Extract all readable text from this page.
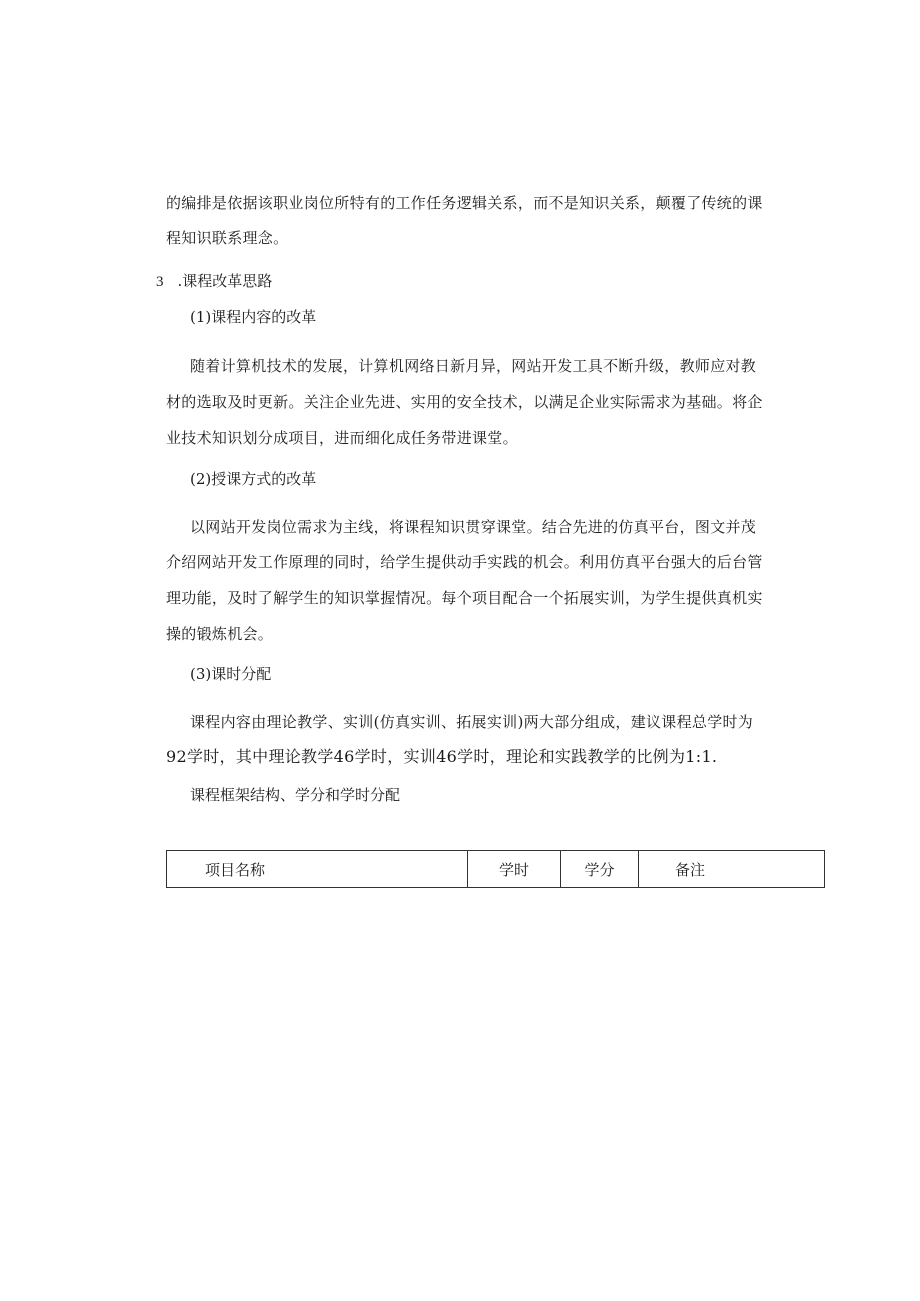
的编排是依据该职业岗位所特有的工作任务逻辑关系，而不是知识关系，颠覆了传统的课
程知识联系理念。
3 .课程改革思路
(1)课程内容的改革
随着计算机技术的发展，计算机网络日新月异，网站开发工具不断升级，教师应对教
材的选取及时更新。关注企业先进、实用的安全技术，以满足企业实际需求为基础。将企
业技术知识划分成项目，进而细化成任务带进课堂。
(2)授课方式的改革
以网站开发岗位需求为主线，将课程知识贯穿课堂。结合先进的仿真平台，图文并茂
介绍网站开发工作原理的同时，给学生提供动手实践的机会。利用仿真平台强大的后台管
理功能，及时了解学生的知识掌握情况。每个项目配合一个拓展实训，为学生提供真机实
操的锻炼机会。
(3)课时分配
课程内容由理论教学、实训(仿真实训、拓展实训)两大部分组成，建议课程总学时为
92学时，其中理论教学46学时，实训46学时，理论和实践教学的比例为1:1.
课程框架结构、学分和学时分配
项目名称	学时	学分	备注
